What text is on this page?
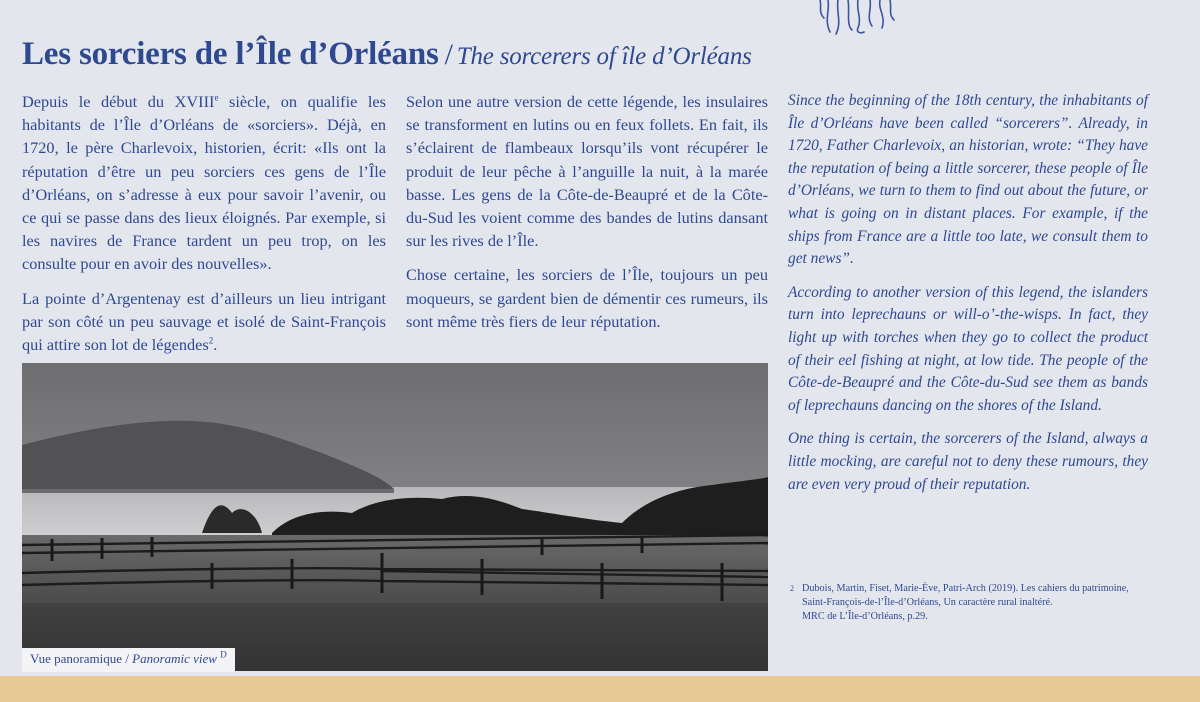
Les sorciers de l’Île d’Orléans / The sorcerers of île d’Orléans

Depuis le début du XVIIIe siècle, on qualifie les habitants de l’Île d’Orléans de «sorciers». Déjà, en 1720, le père Charlevoix, historien, écrit: «Ils ont la réputation d’être un peu sorciers ces gens de l’Île d’Orléans, on s’adresse à eux pour savoir l’avenir, ou ce qui se passe dans des lieux éloignés. Par exemple, si les navires de France tardent un peu trop, on les consulte pour en avoir des nouvelles».

La pointe d’Argentenay est d’ailleurs un lieu intrigant par son côté un peu sauvage et isolé de Saint-François qui attire son lot de légendes$^2$.

Selon une autre version de cette légende, les insulaires se transforment en lutins ou en feux follets. En fait, ils s’éclairent de flambeaux lorsqu’ils vont récupérer le produit de leur pêche à l’anguille la nuit, à la marée basse. Les gens de la Côte-de-Beaupré et de la Côte-du-Sud les voient comme des bandes de lutins dansant sur les rives de l’Île.

Chose certaine, les sorciers de l’Île, toujours un peu moqueurs, se gardent bien de démentir ces rumeurs, ils sont même très fiers de leur réputation.

Since the beginning of the 18th century, the inhabitants of Île d’Orléans have been called “sorcerers”. Already, in 1720, Father Charlevoix, an historian, wrote: “They have the reputation of being a little sorcerer, these people of Île d’Orléans, we turn to them to find out about the future, or what is going on in distant places. For example, if the ships from France are a little too late, we consult them to get news”.

According to another version of this legend, the islanders turn into leprechauns or will-o’-the-wisps. In fact, they light up with torches when they go to collect the product of their eel fishing at night, at low tide. The people of the Côte-de-Beaupré and the Côte-du-Sud see them as bands of leprechauns dancing on the shores of the Island.

One thing is certain, the sorcerers of the Island, always a little mocking, are careful not to deny these rumours, they are even very proud of their reputation.

Vue panoramique / Panoramic view $^D$
2 Dubois, Martin, Fiset, Marie-Ève, Patri-Arch (2019). Les cahiers du patrimoine,
Saint-François-de-l’Île-d’Orléans, Un caractère rural inaltéré.
MRC de L’Île-d’Orléans, p.29.
